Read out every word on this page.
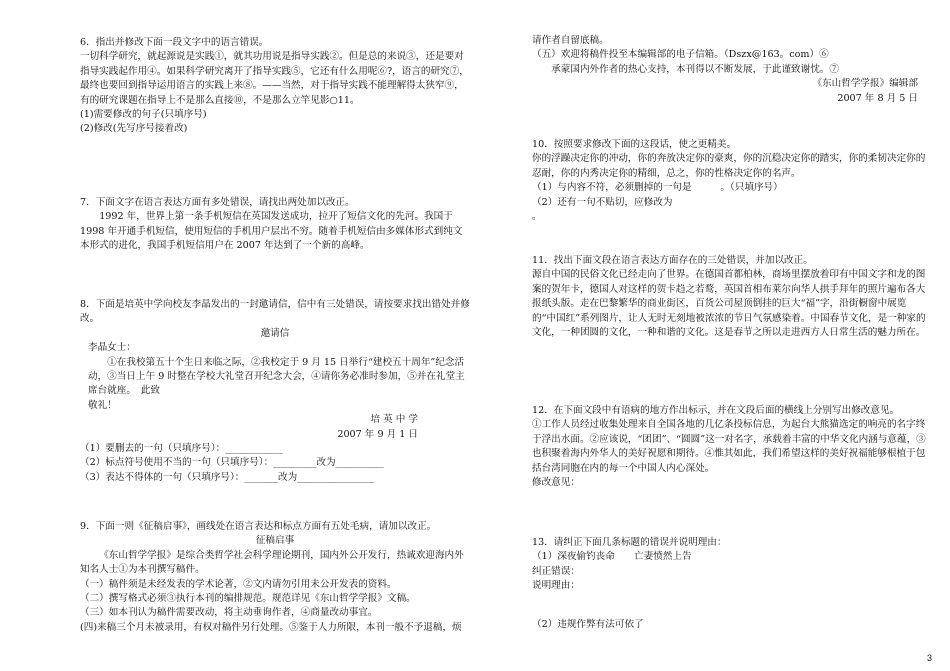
6．指出并修改下面一段文字中的语言错误。

一切科学研究，就起源说是实践①，就其功用说是指导实践②。但是总的来说③，还是要对指导实践起作用④。如果科学研究离开了指导实践⑤，它还有什么用呢⑥?，语言的研究⑦，最终也要回到指导运用语言的实践上来⑧。——当然，对于指导实践不能理解得太狭窄⑨，有的研究课题在指导上不是那么直接⑩，不是那么立竿见影○11。

(1)需要修改的句子(只填序号)

(2)修改(先写序号接着改)

7．下面文字在语言表达方面有多处错误，请找出两处加以改正。

1992 年，世界上第一条手机短信在英国发送成功，拉开了短信文化的先河。我国于 1998 年开通手机短信，使用短信的手机用户层出不穷。随着手机短信由多媒体形式到纯文本形式的进化，我国手机短信用户在 2007 年达到了一个新的高峰。

8．下面是培英中学向校友李晶发出的一封邀请信，信中有三处错误，请按要求找出错处并修改。

邀请信

李晶女士：

①在我校第五十个生日来临之际，②我校定于 9 月 15 日举行“建校五十周年”纪念活动，③当日上午 9 时整在学校大礼堂召开纪念大会，④请你务必准时参加，⑤并在礼堂主席台就座。　此致

敬礼！

培 英 中 学

2007 年 9 月 1 日

（1）要删去的一句（只填序号）：____________

（2）标点符号使用不当的一句（只填序号）：_________改为__________

（3）表达不得体的一句（只填序号）：_______改为________________

9．下面一则《征稿启事》，画线处在语言表达和标点方面有五处毛病，请加以改正。

征稿启事

《东山哲学学报》是综合类哲学社会科学理论期刊，国内外公开发行，热诚欢迎海内外知名人士①为本刊撰写稿件。

（一）稿件须是未经发表的学术论著，②文内请勿引用未公开发表的资料。

（二）撰写格式必须③执行本刊的编排规范。规范详见《东山哲学学报》文稿。

（三）如本刊认为稿件需要改动，将主动垂询作者，④商量改动事宜。

(四)来稿三个月未被录用，有权对稿件另行处理。⑤鉴于人力所限，本刊一般不予退稿，烦

请作者自留底稿。

（五）欢迎将稿件投至本编辑部的电子信箱。（Dszx@163。com）⑥

承蒙国内外作者的热心支持，本刊得以不断发展，于此谨致谢忱。⑦

《东山哲学学报》编辑部

2007 年 8 月 5 日

10．按照要求修改下面的这段话，使之更精美。

你的浮躁决定你的冲动，你的奔放决定你的豪爽，你的沉稳决定你的踏实，你的柔韧决定你的忍耐，你的内秀决定你的精细，总之，你的性格决定你的名声。

（1）与内容不符，必须删掉的一句是　　　。（只填序号）

（2）还有一句不贴切，应修改为

。

11．找出下面文段在语言表达方面存在的三处错误，并加以改正。

源自中国的民俗文化已经走向了世界。在德国首都柏林，商场里摆放着印有中国文字和龙的图案的贺年卡，德国人对这样的贺卡趋之若鹜，英国首相布莱尔向华人拱手拜年的照片遍布各大报纸头版。走在巴黎繁华的商业街区，百货公司屋顶倒挂的巨大“福”字，沿街橱窗中展览的“中国红”系列图片，让人无时无刻地被浓浓的节日气氛感染着。中国春节文化，是一种家的文化，一种团圆的文化，一种和谐的文化。这是春节之所以走进西方人日常生活的魅力所在。

12．在下面文段中有语病的地方作出标示，并在文段后面的横线上分别写出修改意见。

①工作人员经过收集处理来自全国各地的几亿条投标信息，为起台大熊猫选定的响亮的名字终于浮出水面。②应该说，“团团”、“圆圆”这一对名字，承载着丰富的中华文化内涵与意蕴，③也积聚着海内外华人的美好祝愿和期待。④惟其如此，我们希望这样的美好祝福能够根植于包括台湾同胞在内的每一个中国人内心深处。

修改意见：

13．请纠正下面几条标题的错误并说明理由：

（1）深夜偷钓丧命　　亡妻愤然上告

纠正错误：

说明理由：

（2）违规作弊有法可依了

3
